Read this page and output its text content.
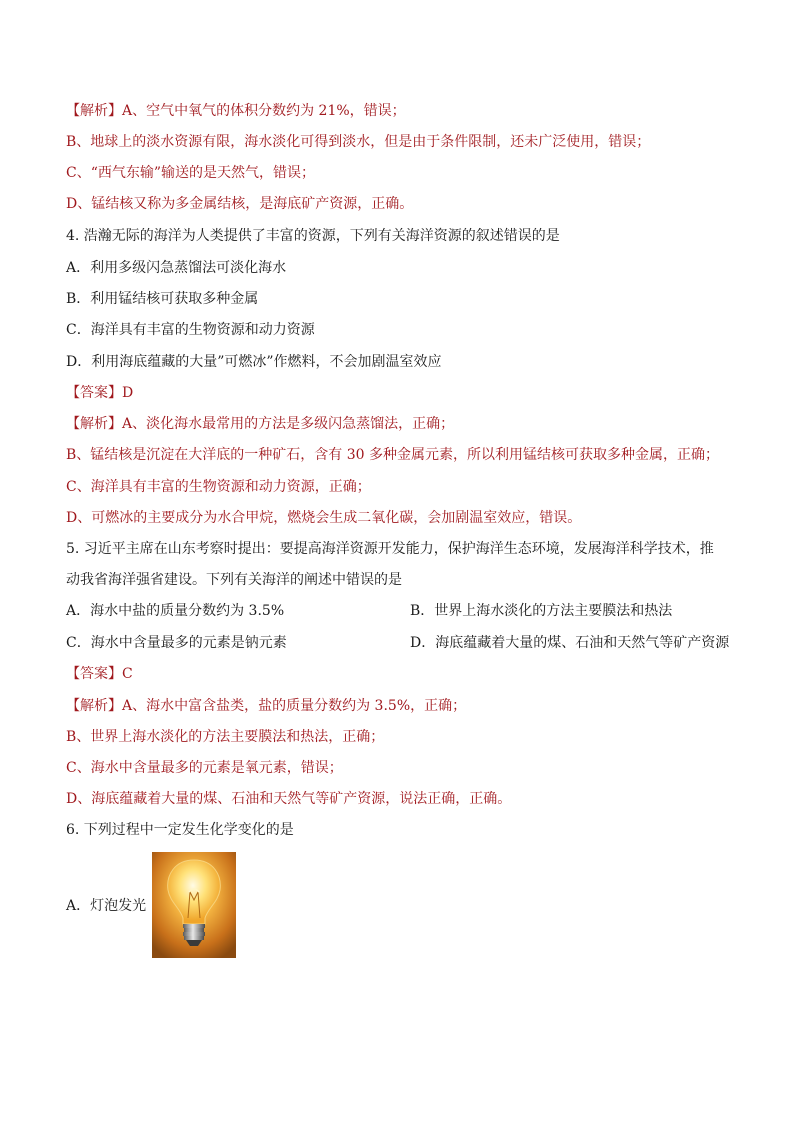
【解析】A、空气中氧气的体积分数约为 21%，错误；
B、地球上的淡水资源有限，海水淡化可得到淡水，但是由于条件限制，还未广泛使用，错误；
C、“西气东输”输送的是天然气，错误；
D、锰结核又称为多金属结核，是海底矿产资源，正确。
4. 浩瀚无际的海洋为人类提供了丰富的资源，下列有关海洋资源的叙述错误的是
A．利用多级闪急蒸馏法可淡化海水
B．利用锰结核可获取多种金属
C．海洋具有丰富的生物资源和动力资源
D．利用海底蕴藏的大量”可燃冰”作燃料，不会加剧温室效应
【答案】D
【解析】A、淡化海水最常用的方法是多级闪急蒸馏法，正确；
B、锰结核是沉淀在大洋底的一种矿石，含有 30 多种金属元素，所以利用锰结核可获取多种金属，正确；
C、海洋具有丰富的生物资源和动力资源，正确；
D、可燃冰的主要成分为水合甲烷，燃烧会生成二氧化碳，会加剧温室效应，错误。
5. 习近平主席在山东考察时提出：要提高海洋资源开发能力，保护海洋生态环境，发展海洋科学技术，推
动我省海洋强省建设。下列有关海洋的阐述中错误的是
A．海水中盐的质量分数约为 3.5%	B．世界上海水淡化的方法主要膜法和热法
C．海水中含量最多的元素是钠元素	D．海底蕴藏着大量的煤、石油和天然气等矿产资源
【答案】C
【解析】A、海水中富含盐类，盐的质量分数约为 3.5%，正确；
B、世界上海水淡化的方法主要膜法和热法，正确；
C、海水中含量最多的元素是氧元素，错误；
D、海底蕴藏着大量的煤、石油和天然气等矿产资源，说法正确，正确。
6. 下列过程中一定发生化学变化的是
A．灯泡发光
